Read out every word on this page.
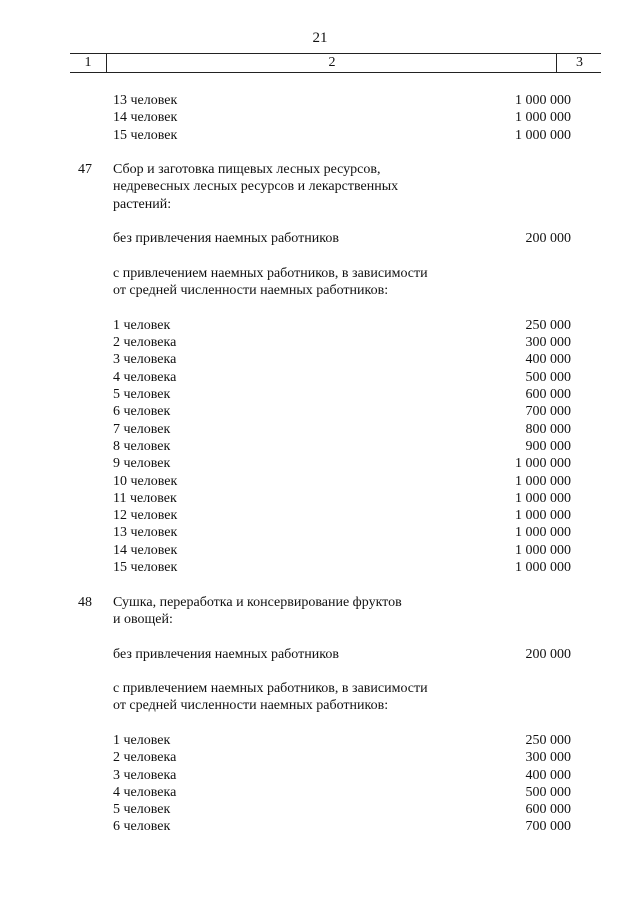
21
1	2	3
13 человек	1 000 000
14 человек	1 000 000
15 человек	1 000 000
47 Сбор и заготовка пищевых лесных ресурсов,
недревесных лесных ресурсов и лекарственных
растений:
без привлечения наемных работников	200 000
с привлечением наемных работников, в зависимости
от средней численности наемных работников:
1 человек	250 000
2 человека	300 000
3 человека	400 000
4 человека	500 000
5 человек	600 000
6 человек	700 000
7 человек	800 000
8 человек	900 000
9 человек	1 000 000
10 человек	1 000 000
11 человек	1 000 000
12 человек	1 000 000
13 человек	1 000 000
14 человек	1 000 000
15 человек	1 000 000
48 Сушка, переработка и консервирование фруктов
и овощей:
без привлечения наемных работников	200 000
с привлечением наемных работников, в зависимости
от средней численности наемных работников:
1 человек	250 000
2 человека	300 000
3 человека	400 000
4 человека	500 000
5 человек	600 000
6 человек	700 000
